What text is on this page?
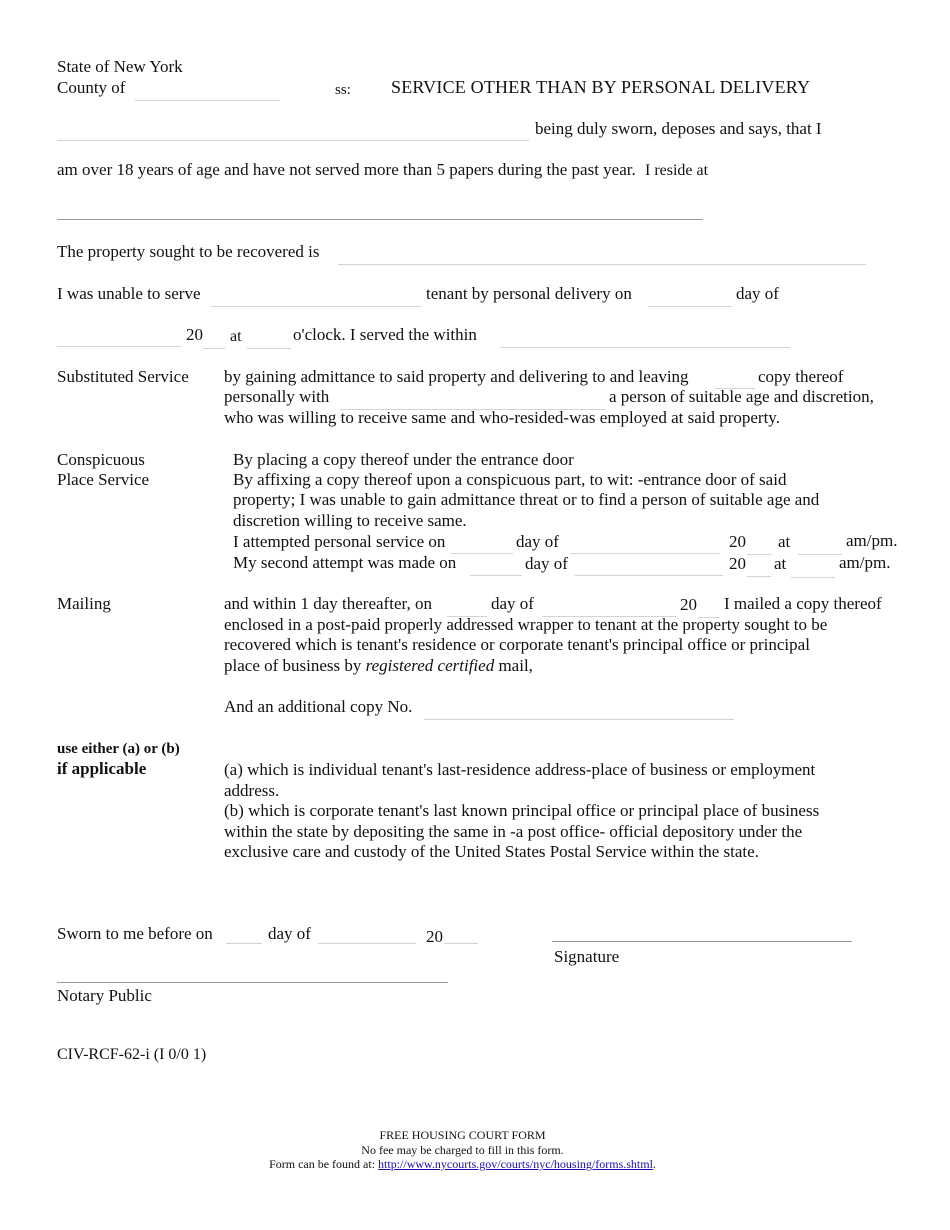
State of New York
County of	ss: SERVICE OTHER THAN BY PERSONAL DELIVERY
being duly sworn, deposes and says, that I
am over 18 years of age and have not served more than 5 papers during the past year. I reside at
The property sought to be recovered is
I was unable to serve	tenant by personal delivery on	day of
20 at	o'clock. I served the within
Substituted Service by gaining admittance to said property and delivering to and leaving	copy thereof
personally with	a person of suitable age and discretion,
who was willing to receive same and who-resided-was employed at said property.
Conspicuous
Place Service
By placing a copy thereof under the entrance door
By affixing a copy thereof upon a conspicuous part, to wit: -entrance door of said
property; I was unable to gain admittance threat or to find a person of suitable age and
discretion willing to receive same.
I attempted personal service on	day of	20 at	am/pm.
My second attempt was made on	day of	20 at	am/pm.
Mailing	and within 1 day thereafter, on	day of	20 I mailed a copy thereof
enclosed in a post-paid properly addressed wrapper to tenant at the property sought to be
recovered which is tenant's residence or corporate tenant's principal office or principal
place of business by registered certified mail,
And an additional copy No.
use either (a) or (b)
if applicable	(a) which is individual tenant's last-residence address-place of business or employment
address.
(b) which is corporate tenant's last known principal office or principal place of business
within the state by depositing the same in -a post office- official depository under the
exclusive care and custody of the United States Postal Service within the state.
Sworn to me before on	day of	20
Signature
Notary Public
CIV-RCF-62-i (I 0/0 1)
FREE HOUSING COURT FORM
No fee may be charged to fill in this form.
Form can be found at: http://www.nycourts.gov/courts/nyc/housing/forms.shtml.
